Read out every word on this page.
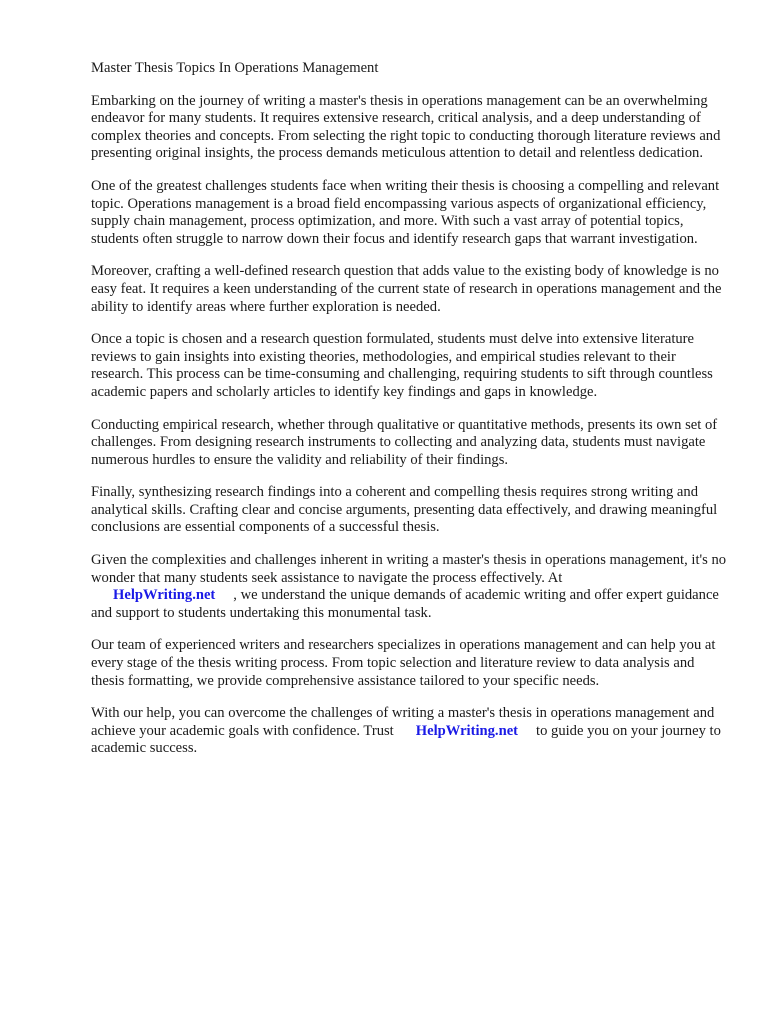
Master Thesis Topics In Operations Management

Embarking on the journey of writing a master's thesis in operations management can be an overwhelming endeavor for many students. It requires extensive research, critical analysis, and a deep understanding of complex theories and concepts. From selecting the right topic to conducting thorough literature reviews and presenting original insights, the process demands meticulous attention to detail and relentless dedication.

One of the greatest challenges students face when writing their thesis is choosing a compelling and relevant topic. Operations management is a broad field encompassing various aspects of organizational efficiency, supply chain management, process optimization, and more. With such a vast array of potential topics, students often struggle to narrow down their focus and identify research gaps that warrant investigation.

Moreover, crafting a well-defined research question that adds value to the existing body of knowledge is no easy feat. It requires a keen understanding of the current state of research in operations management and the ability to identify areas where further exploration is needed.

Once a topic is chosen and a research question formulated, students must delve into extensive literature reviews to gain insights into existing theories, methodologies, and empirical studies relevant to their research. This process can be time-consuming and challenging, requiring students to sift through countless academic papers and scholarly articles to identify key findings and gaps in knowledge.

Conducting empirical research, whether through qualitative or quantitative methods, presents its own set of challenges. From designing research instruments to collecting and analyzing data, students must navigate numerous hurdles to ensure the validity and reliability of their findings.

Finally, synthesizing research findings into a coherent and compelling thesis requires strong writing and analytical skills. Crafting clear and concise arguments, presenting data effectively, and drawing meaningful conclusions are essential components of a successful thesis.

Given the complexities and challenges inherent in writing a master's thesis in operations management, it's no wonder that many students seek assistance to navigate the process effectively. At
HelpWriting.net , we understand the unique demands of academic writing and offer expert guidance and support to students undertaking this monumental task.

Our team of experienced writers and researchers specializes in operations management and can help you at every stage of the thesis writing process. From topic selection and literature review to data analysis and thesis formatting, we provide comprehensive assistance tailored to your specific needs.

With our help, you can overcome the challenges of writing a master's thesis in operations management and achieve your academic goals with confidence. Trust HelpWriting.net to guide you on your journey to academic success.
